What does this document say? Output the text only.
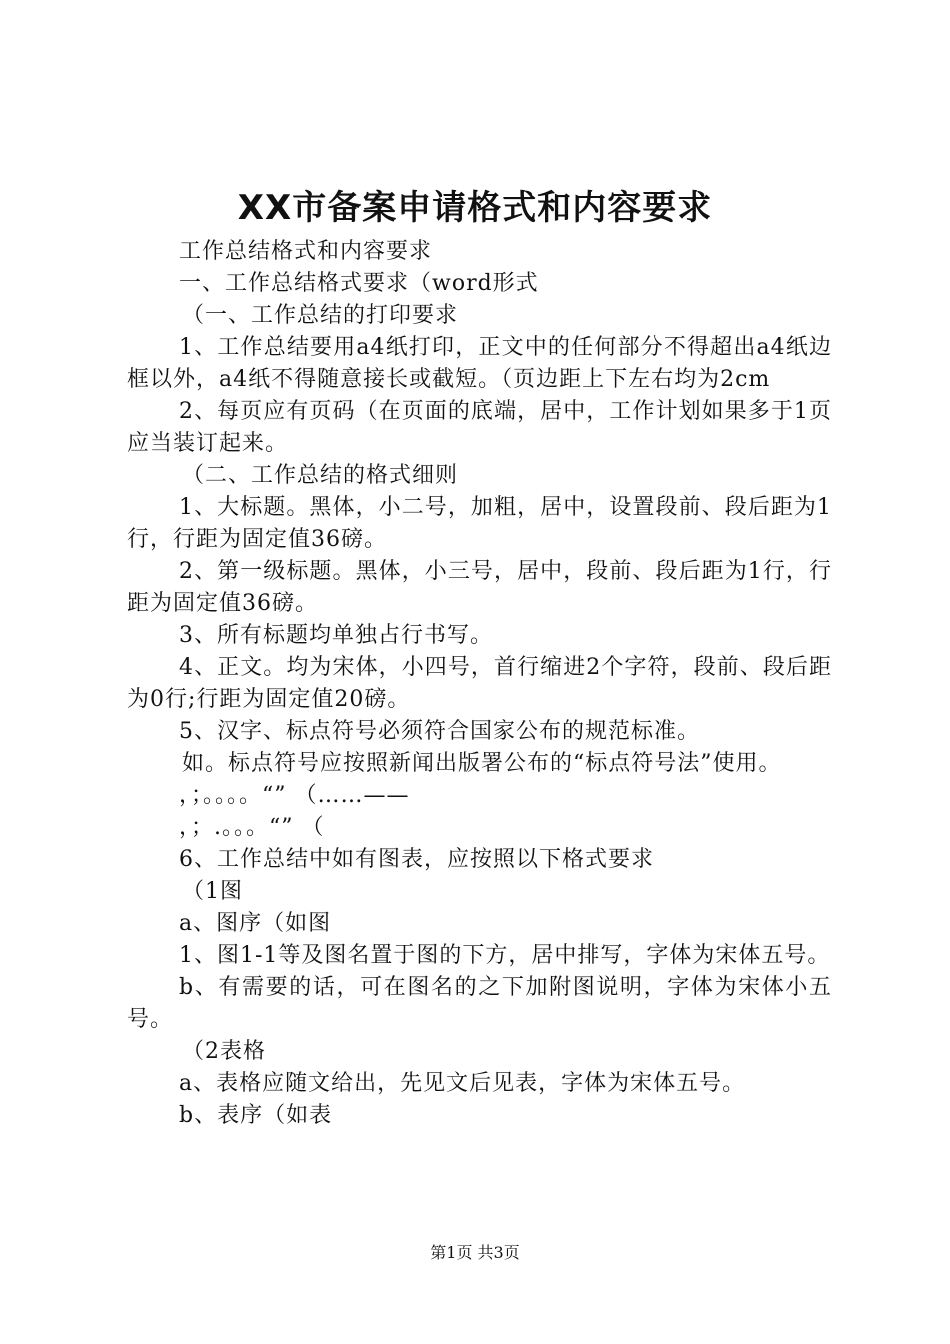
XX市备案申请格式和内容要求

工作总结格式和内容要求

一、工作总结格式要求（word形式

（一、工作总结的打印要求

1、工作总结要用a4纸打印，正文中的任何部分不得超出a4纸边框以外，a4纸不得随意接长或截短。（页边距上下左右均为2cm

2、每页应有页码（在页面的底端，居中，工作计划如果多于1页应当装订起来。

（二、工作总结的格式细则

1、大标题。黑体，小二号，加粗，居中，设置段前、段后距为1行，行距为固定值36磅。

2、第一级标题。黑体，小三号，居中，段前、段后距为1行，行距为固定值36磅。

3、所有标题均单独占行书写。

4、正文。均为宋体，小四号，首行缩进2个字符，段前、段后距为0行;行距为固定值20磅。

5、汉字、标点符号必须符合国家公布的规范标准。

如。标点符号应按照新闻出版署公布的“标点符号法”使用。

，；。。。。“” （……——

，；.。。。“” （

6、工作总结中如有图表，应按照以下格式要求

（1图

a、图序（如图

1、图1-1等及图名置于图的下方，居中排写，字体为宋体五号。

b、有需要的话，可在图名的之下加附图说明，字体为宋体小五号。

（2表格

a、表格应随文给出，先见文后见表，字体为宋体五号。

b、表序（如表

第1页 共3页
